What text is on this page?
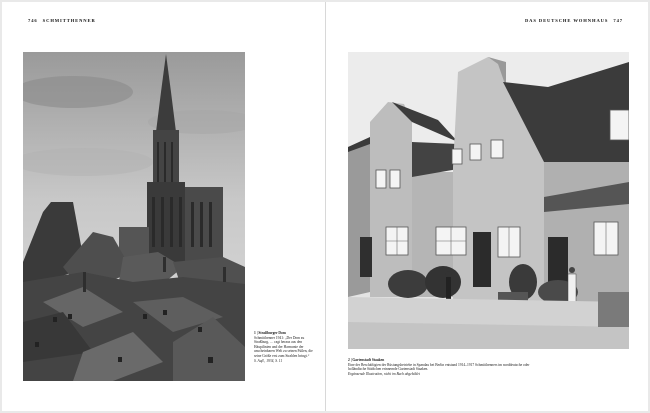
746 SCHMITTHENNER	DAS DEUTSCHE WOHNHAUS 747
1 | Straßburger Dom
Schmitthenner 1941: „Der Dom zu Straßburg, … ragt heraus aus den Häuptlinien und der Harmonie der unscheinbaren Welt zu seinen Füßen, die seine Größe erst zum Strahlen bringt.“
S. Aufl., 1934, S. 11	2 | Gartenstadt Staaken
Eine der Beschäftigten der Rüstungsbetriebe in Spandau bei Berlin entstand 1914–1917 Schmitthenners im norddeutsche oder holländische Städtchen erinnernde Gartenstadt Staaken.
Ergänzende Illustration, nicht im Buch abgebildet
